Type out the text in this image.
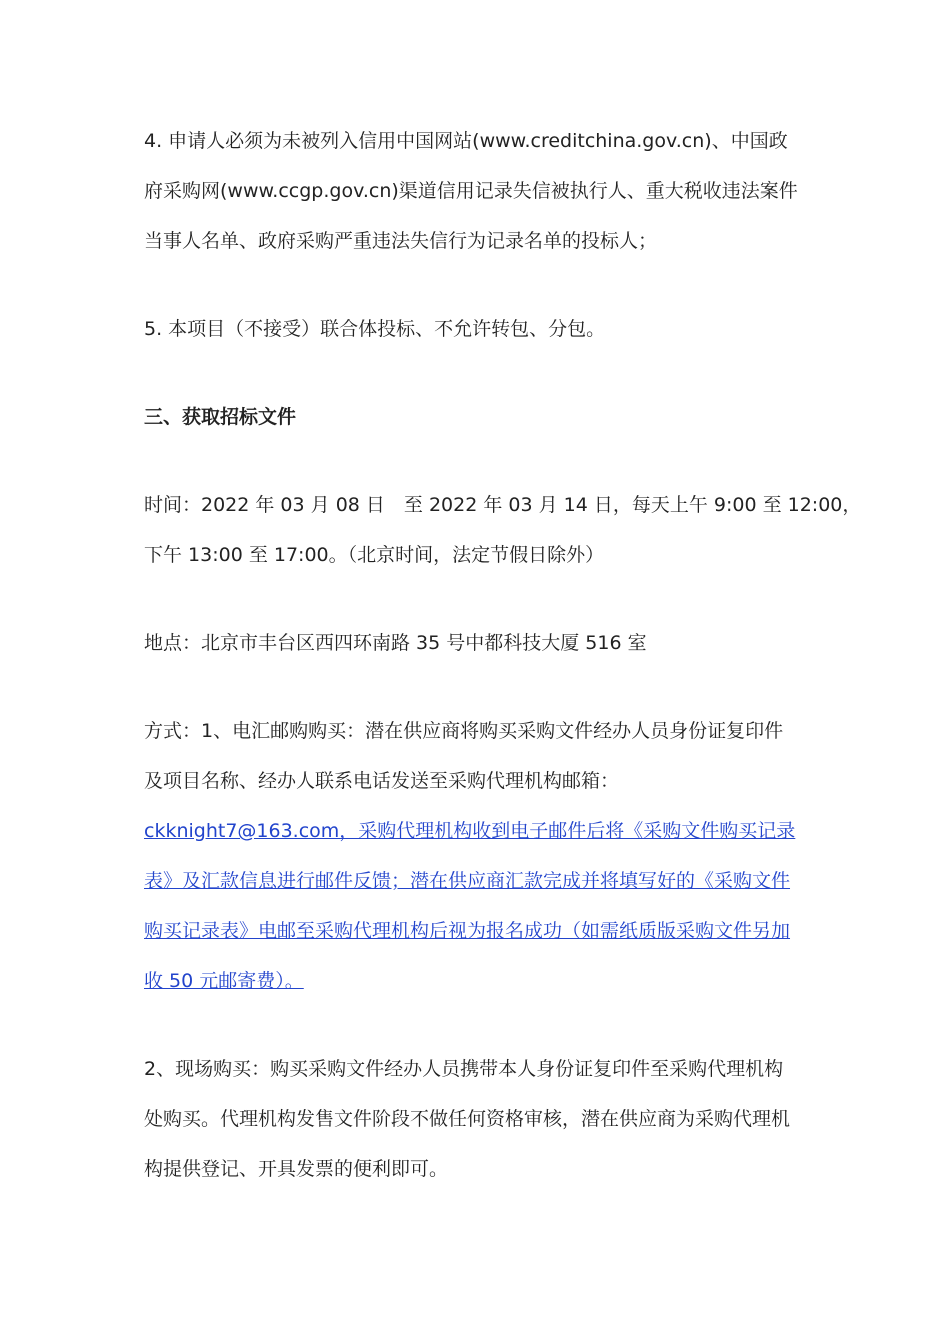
4. 申请人必须为未被列入信用中国网站(www.creditchina.gov.cn)、中国政
府采购网(www.ccgp.gov.cn)渠道信用记录失信被执行人、重大税收违法案件
当事人名单、政府采购严重违法失信行为记录名单的投标人；
5. 本项目（不接受）联合体投标、不允许转包、分包。
三、获取招标文件
时间：2022 年 03 月 08 日　至 2022 年 03 月 14 日，每天上午 9:00 至 12:00，
下午 13:00 至 17:00。（北京时间，法定节假日除外）
地点：北京市丰台区西四环南路 35 号中都科技大厦 516 室
方式：1、电汇邮购购买：潜在供应商将购买采购文件经办人员身份证复印件
及项目名称、经办人联系电话发送至采购代理机构邮箱：
ckknight7@163.com，采购代理机构收到电子邮件后将《采购文件购买记录
表》及汇款信息进行邮件反馈；潜在供应商汇款完成并将填写好的《采购文件
购买记录表》电邮至采购代理机构后视为报名成功（如需纸质版采购文件另加
收 50 元邮寄费）。
2、现场购买：购买采购文件经办人员携带本人身份证复印件至采购代理机构
处购买。代理机构发售文件阶段不做任何资格审核，潜在供应商为采购代理机
构提供登记、开具发票的便利即可。
